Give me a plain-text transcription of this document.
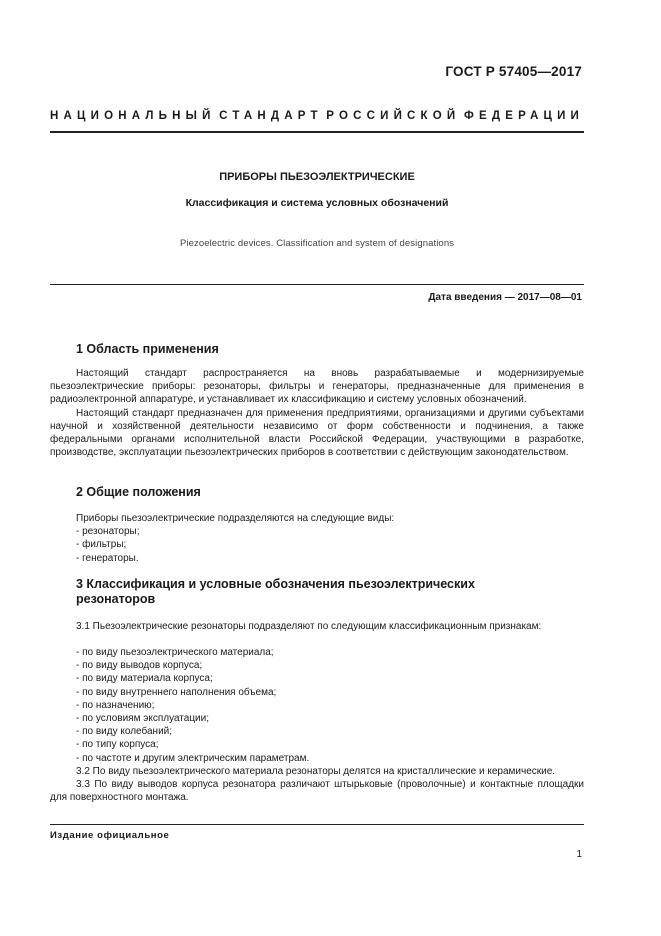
ГОСТ Р 57405—2017
НАЦИОНАЛЬНЫЙ СТАНДАРТ РОССИЙСКОЙ ФЕДЕРАЦИИ
ПРИБОРЫ ПЬЕЗОЭЛЕКТРИЧЕСКИЕ
Классификация и система условных обозначений
Piezoelectric devices. Classification and system of designations
Дата введения — 2017—08—01
1 Область применения

Настоящий стандарт распространяется на вновь разрабатываемые и модернизируемые пьезоэлектрические приборы: резонаторы, фильтры и генераторы, предназначенные для применения в радиоэлектронной аппаратуре, и устанавливает их классификацию и систему условных обозначений.

Настоящий стандарт предназначен для применения предприятиями, организациями и другими субъектами научной и хозяйственной деятельности независимо от форм собственности и подчинения, а также федеральными органами исполнительной власти Российской Федерации, участвующими в разработке, производстве, эксплуатации пьезоэлектрических приборов в соответствии с действующим законодательством.

2 Общие положения
Приборы пьезоэлектрические подразделяются на следующие виды:
- резонаторы;
- фильтры;
- генераторы.
3 Классификация и условные обозначения пьезоэлектрических резонаторов

3.1 Пьезоэлектрические резонаторы подразделяют по следующим классификационным признакам:

- по виду пьезоэлектрического материала;
- по виду выводов корпуса;
- по виду материала корпуса;
- по виду внутреннего наполнения объема;
- по назначению;
- по условиям эксплуатации;
- по виду колебаний;
- по типу корпуса;
- по частоте и другим электрическим параметрам.

3.2 По виду пьезоэлектрического материала резонаторы делятся на кристаллические и керамические.

3.3 По виду выводов корпуса резонатора различают штырьковые (проволочные) и контактные площадки для поверхностного монтажа.

Издание официальное
1
